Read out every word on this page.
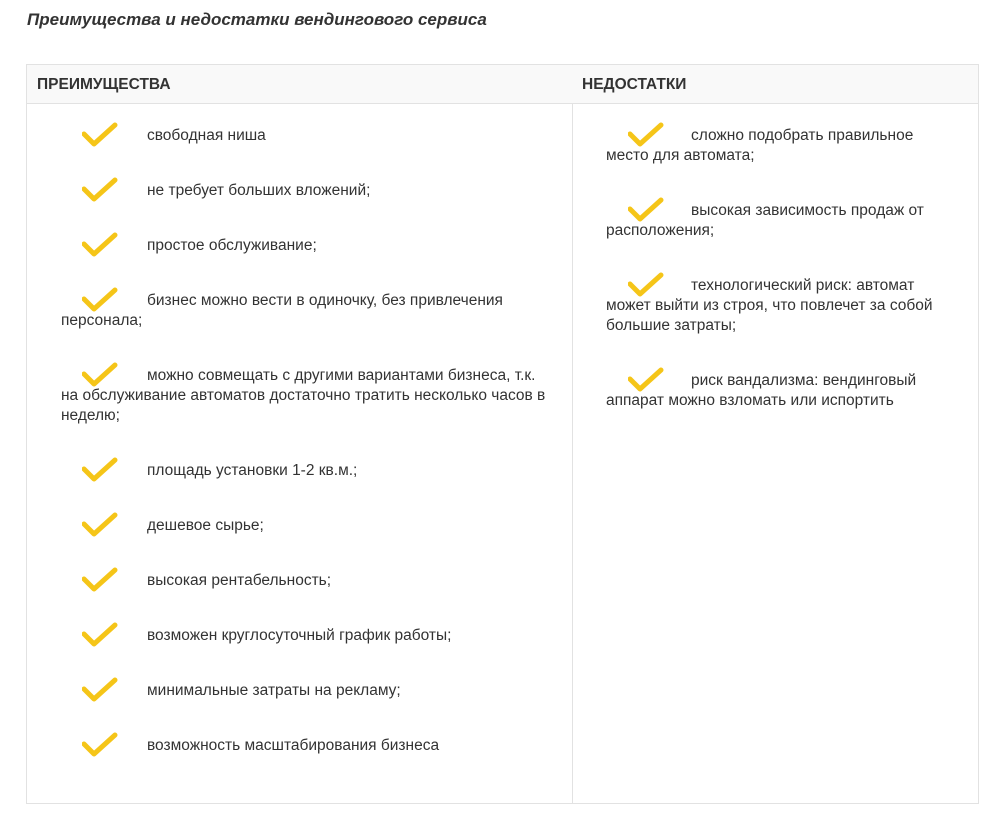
Преимущества и недостатки вендингового сервиса
ПРЕИМУЩЕСТВА
свободная ниша
не требует больших вложений;
простое обслуживание;
бизнес можно вести в одиночку, без привлечения персонала;
можно совмещать с другими вариантами бизнеса, т.к. на обслуживание автоматов достаточно тратить несколько часов в неделю;
площадь установки 1-2 кв.м.;
дешевое сырье;
высокая рентабельность;
возможен круглосуточный график работы;
минимальные затраты на рекламу;
возможность масштабирования бизнеса
НЕДОСТАТКИ
сложно подобрать правильное место для автомата;
высокая зависимость продаж от расположения;
технологический риск: автомат может выйти из строя, что повлечет за собой большие затраты;
риск вандализма: вендинговый аппарат можно взломать или испортить
